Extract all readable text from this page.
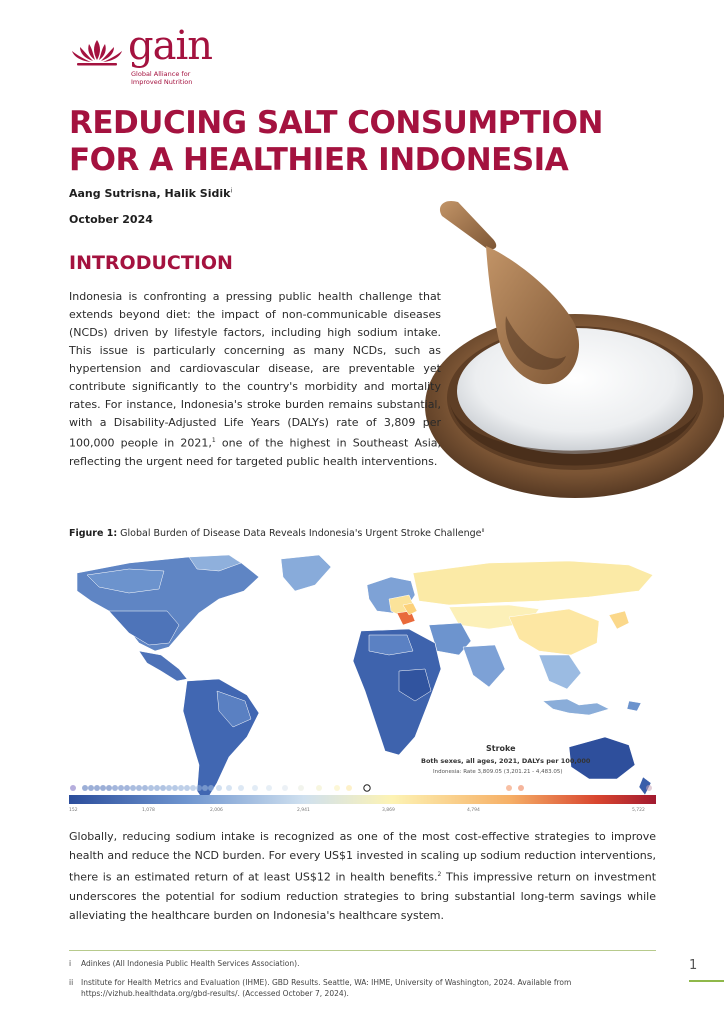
gain
Global Alliance for
Improved Nutrition
REDUCING SALT CONSUMPTION
FOR A HEALTHIER INDONESIA
Aang Sutrisna, Halik Sidik$^i$
October 2024
INTRODUCTION
Indonesia is confronting a pressing public health challenge that extends beyond diet: the impact of non-communicable diseases (NCDs) driven by lifestyle factors, including high sodium intake. This issue is particularly concerning as many NCDs, such as hypertension and cardiovascular disease, are preventable yet contribute significantly to the country's morbidity and mortality rates. For instance, Indonesia's stroke burden remains substantial, with a Disability-Adjusted Life Years (DALYs) rate of 3,809 per 100,000 people in 2021,$^1$ one of the highest in Southeast Asia, reflecting the urgent need for targeted public health interventions.
Figure 1: Global Burden of Disease Data Reveals Indonesia's Urgent Stroke Challenge$^{ii}$
Stroke
Both sexes, all ages, 2021, DALYs per 100,000
Indonesia: Rate 3,809.05 (3,201.21 - 4,483.05)
152	1,078	2,006	2,941	3,869	4,794	5,722
Globally, reducing sodium intake is recognized as one of the most cost-effective strategies to improve health and reduce the NCD burden. For every US$1 invested in scaling up sodium reduction interventions, there is an estimated return of at least US$12 in health benefits.$^2$ This impressive return on investment underscores the potential for sodium reduction strategies to bring substantial long-term savings while alleviating the healthcare burden on Indonesia's healthcare system.
i Adinkes (All Indonesia Public Health Services Association).
ii Institute for Health Metrics and Evaluation (IHME). GBD Results. Seattle, WA: IHME, University of Washington, 2024. Available from
https://vizhub.healthdata.org/gbd-results/. (Accessed October 7, 2024).
1
